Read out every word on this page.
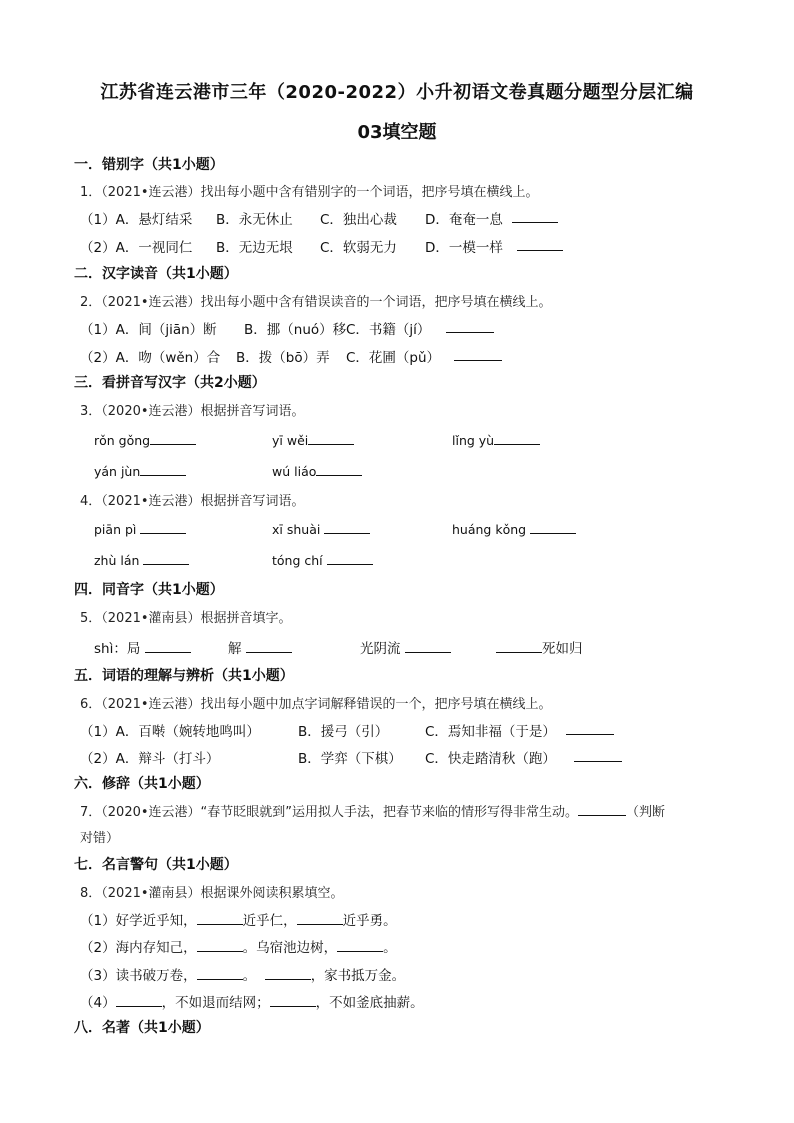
江苏省连云港市三年（2020-2022）小升初语文卷真题分题型分层汇编
03填空题
一．错别字（共1小题）
1．（2021•连云港）找出每小题中含有错别字的一个词语，把序号填在横线上。
（1）A．悬灯结采 B．永无休止 C．独出心裁 D．奄奄一息
（2）A．一视同仁 B．无边无垠 C．软弱无力 D．一模一样
二．汉字读音（共1小题）
2．（2021•连云港）找出每小题中含有错误读音的一个词语，把序号填在横线上。
（1）A．间（jiān）断 B．挪（nuó）移 C．书籍（jí）
（2）A．吻（wěn）合 B．拨（bō）弄 C．花圃（pǔ）
三．看拼音写汉字（共2小题）
3．（2020•连云港）根据拼音写词语。
rǒn gǒng	yī wěi	lǐng yù
yán jùn	wú liáo
4．（2021•连云港）根据拼音写词语。
piān pì	xī shuài	huáng kǒng
zhù lán	tóng chí
四．同音字（共1小题）
5．（2021•灌南县）根据拼音填字。
shì：局	解	光阴流	死如归
五．词语的理解与辨析（共1小题）
6．（2021•连云港）找出每小题中加点字词解释错误的一个，把序号填在横线上。
（1）A．百啭（婉转地鸣叫）	B．援弓（引）	C．焉知非福（于是）
（2）A．辩斗（打斗）	B．学弈（下棋） C．快走踏清秋（跑）
六．修辞（共1小题）
7．（2020•连云港）“春节眨眼就到”运用拟人手法，把春节来临的情形写得非常生动。	（判断
对错）
七．名言警句（共1小题）
8．（2021•灌南县）根据课外阅读积累填空。
（1）好学近乎知，	近乎仁，	近乎勇。
（2）海内存知己，	。乌宿池边树，	。
（3）读书破万卷，	。	，家书抵万金。
（4）	，不如退而结网；	，不如釜底抽薪。
八．名著（共1小题）
